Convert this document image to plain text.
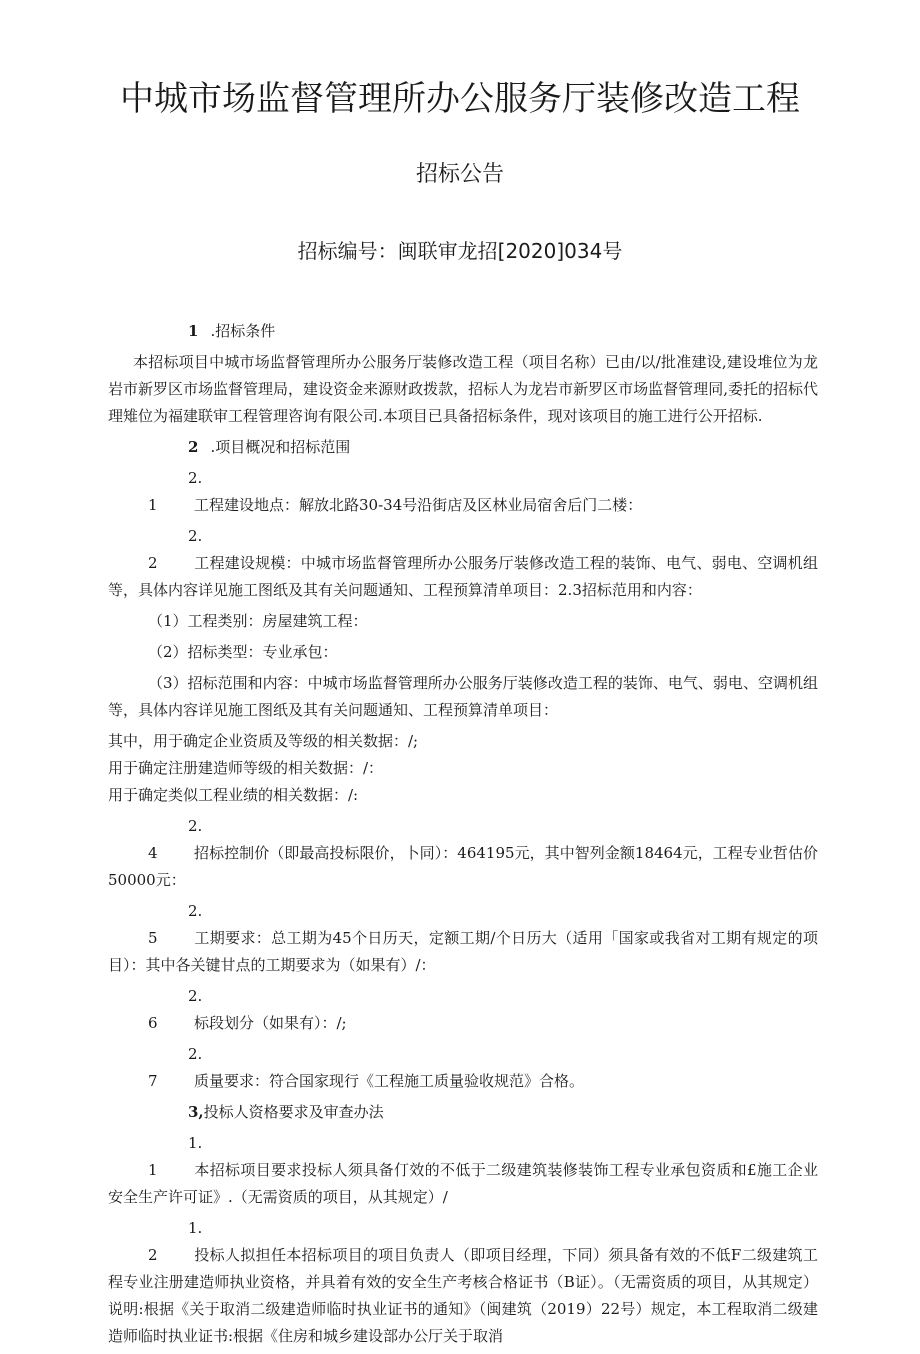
中城市场监督管理所办公服务厅装修改造工程
招标公告
招标编号：闽联审龙招[2020]034号
1 .招标条件

本招标项目中城市场监督管理所办公服务厅装修改造工程（项目名称）已由/以/批准建设,建设堆位为龙岩市新罗区市场监督管理局，建设资金来源财政拨款，招标人为龙岩市新罗区市场监督管理同,委托的招标代理雉位为福建联审工程管理咨询有限公司.本项目已具备招标条件，现对该项目的施工进行公开招标.

2 .项目概况和招标范围

2.1 工程建设地点：解放北路30-34号沿街店及区林业局宿舍后门二楼：

2.2 工程建设规模：中城市场监督管理所办公服务厅装修改造工程的装饰、电气、弱电、空调机组等，具体内容详见施工图纸及其有关问题通知、工程预算清单项目：2.3招标范用和内容：

（1）工程类别：房屋建筑工程：

（2）招标类型：专业承包：

（3）招标范围和内容：中城市场监督管理所办公服务厅装修改造工程的装饰、电气、弱电、空调机组等，具体内容详见施工图纸及其有关问题通知、工程预算清单项目：

其中，用于确定企业资质及等级的相关数据：/;

用于确定注册建造师等级的相关数据：/：

用于确定类似工程业绩的相关数据：/:

2.4 招标控制价（即最高投标限价，卜同）：464195元，其中智列金额18464元，工程专业哲估价50000元：

2.5 工期要求：总工期为45个日历天，定额工期/个日历大（适用「国家或我省对工期有规定的项目）：其中各关键甘点的工期要求为（如果有）/：

2.6 标段划分（如果有）：/;

2.7 质量要求：符合国家现行《工程施工质量验收规范》合格。

3,投标人资格要求及审查办法

1.1 本招标项目要求投标人须具备仃效的不低于二级建筑装修装饰工程专业承包资质和£施工企业安全生产许可证》.（无需资质的项目，从其规定）/

1.2 投标人拟担任本招标项目的项目负责人（即项目经理，下同）须具备有效的不低F二级建筑工程专业注册建造师执业资格，并具着有效的安全生产考核合格证书（B证）。（无需资质的项目，从其规定）说明:根据《关于取消二级建造师临时执业证书的通知》（闽建筑（2019）22号）规定，本工程取消二级建造师临时执业证书:根据《住房和城乡建设部办公厅关于取消
